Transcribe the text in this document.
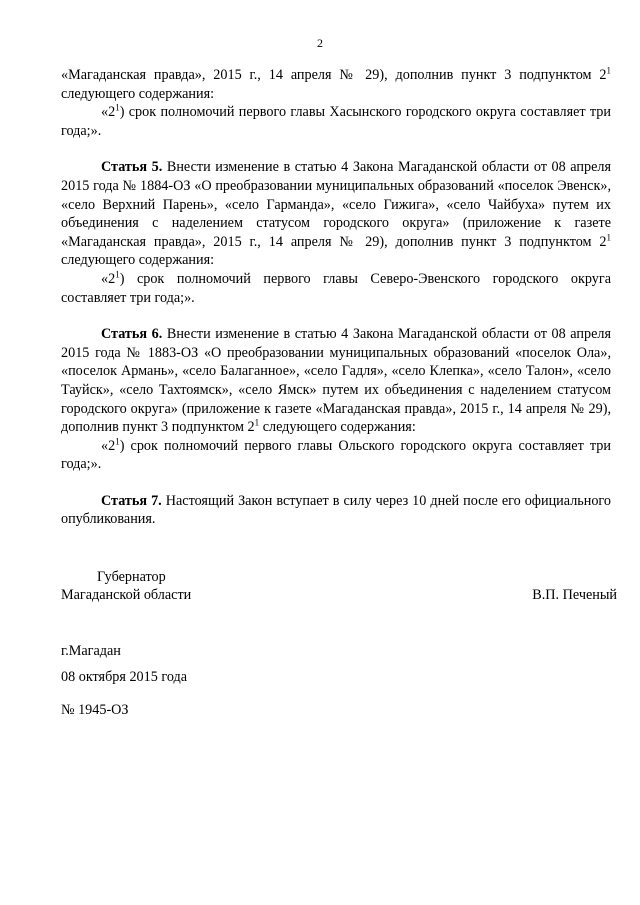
2

«Магаданская правда», 2015 г., 14 апреля № 29), дополнив пункт 3 подпунктом $2^1$ следующего содержания:

«$2^1$) срок полномочий первого главы Хасынского городского округа составляет три года;».

Статья 5. Внести изменение в статью 4 Закона Магаданской области от 08 апреля 2015 года № 1884-ОЗ «О преобразовании муниципальных образований «поселок Эвенск», «село Верхний Парень», «село Гарманда», «село Гижига», «село Чайбуха» путем их объединения с наделением статусом городского округа» (приложение к газете «Магаданская правда», 2015 г., 14 апреля № 29), дополнив пункт 3 подпунктом $2^1$ следующего содержания:

«$2^1$) срок полномочий первого главы Северо-Эвенского городского округа составляет три года;».

Статья 6. Внести изменение в статью 4 Закона Магаданской области от 08 апреля 2015 года № 1883-ОЗ «О преобразовании муниципальных образований «поселок Ола», «поселок Армань», «село Балаганное», «село Гадля», «село Клепка», «село Талон», «село Тауйск», «село Тахтоямск», «село Ямск» путем их объединения с наделением статусом городского округа» (приложение к газете «Магаданская правда», 2015 г., 14 апреля № 29), дополнив пункт 3 подпунктом $2^1$ следующего содержания:

«$2^1$) срок полномочий первого главы Ольского городского округа составляет три года;».

Статья 7. Настоящий Закон вступает в силу через 10 дней после его официального опубликования.

Губернатор
Магаданской области	В.П. Печеный
г.Магадан
08 октября 2015 года
№ 1945-ОЗ
